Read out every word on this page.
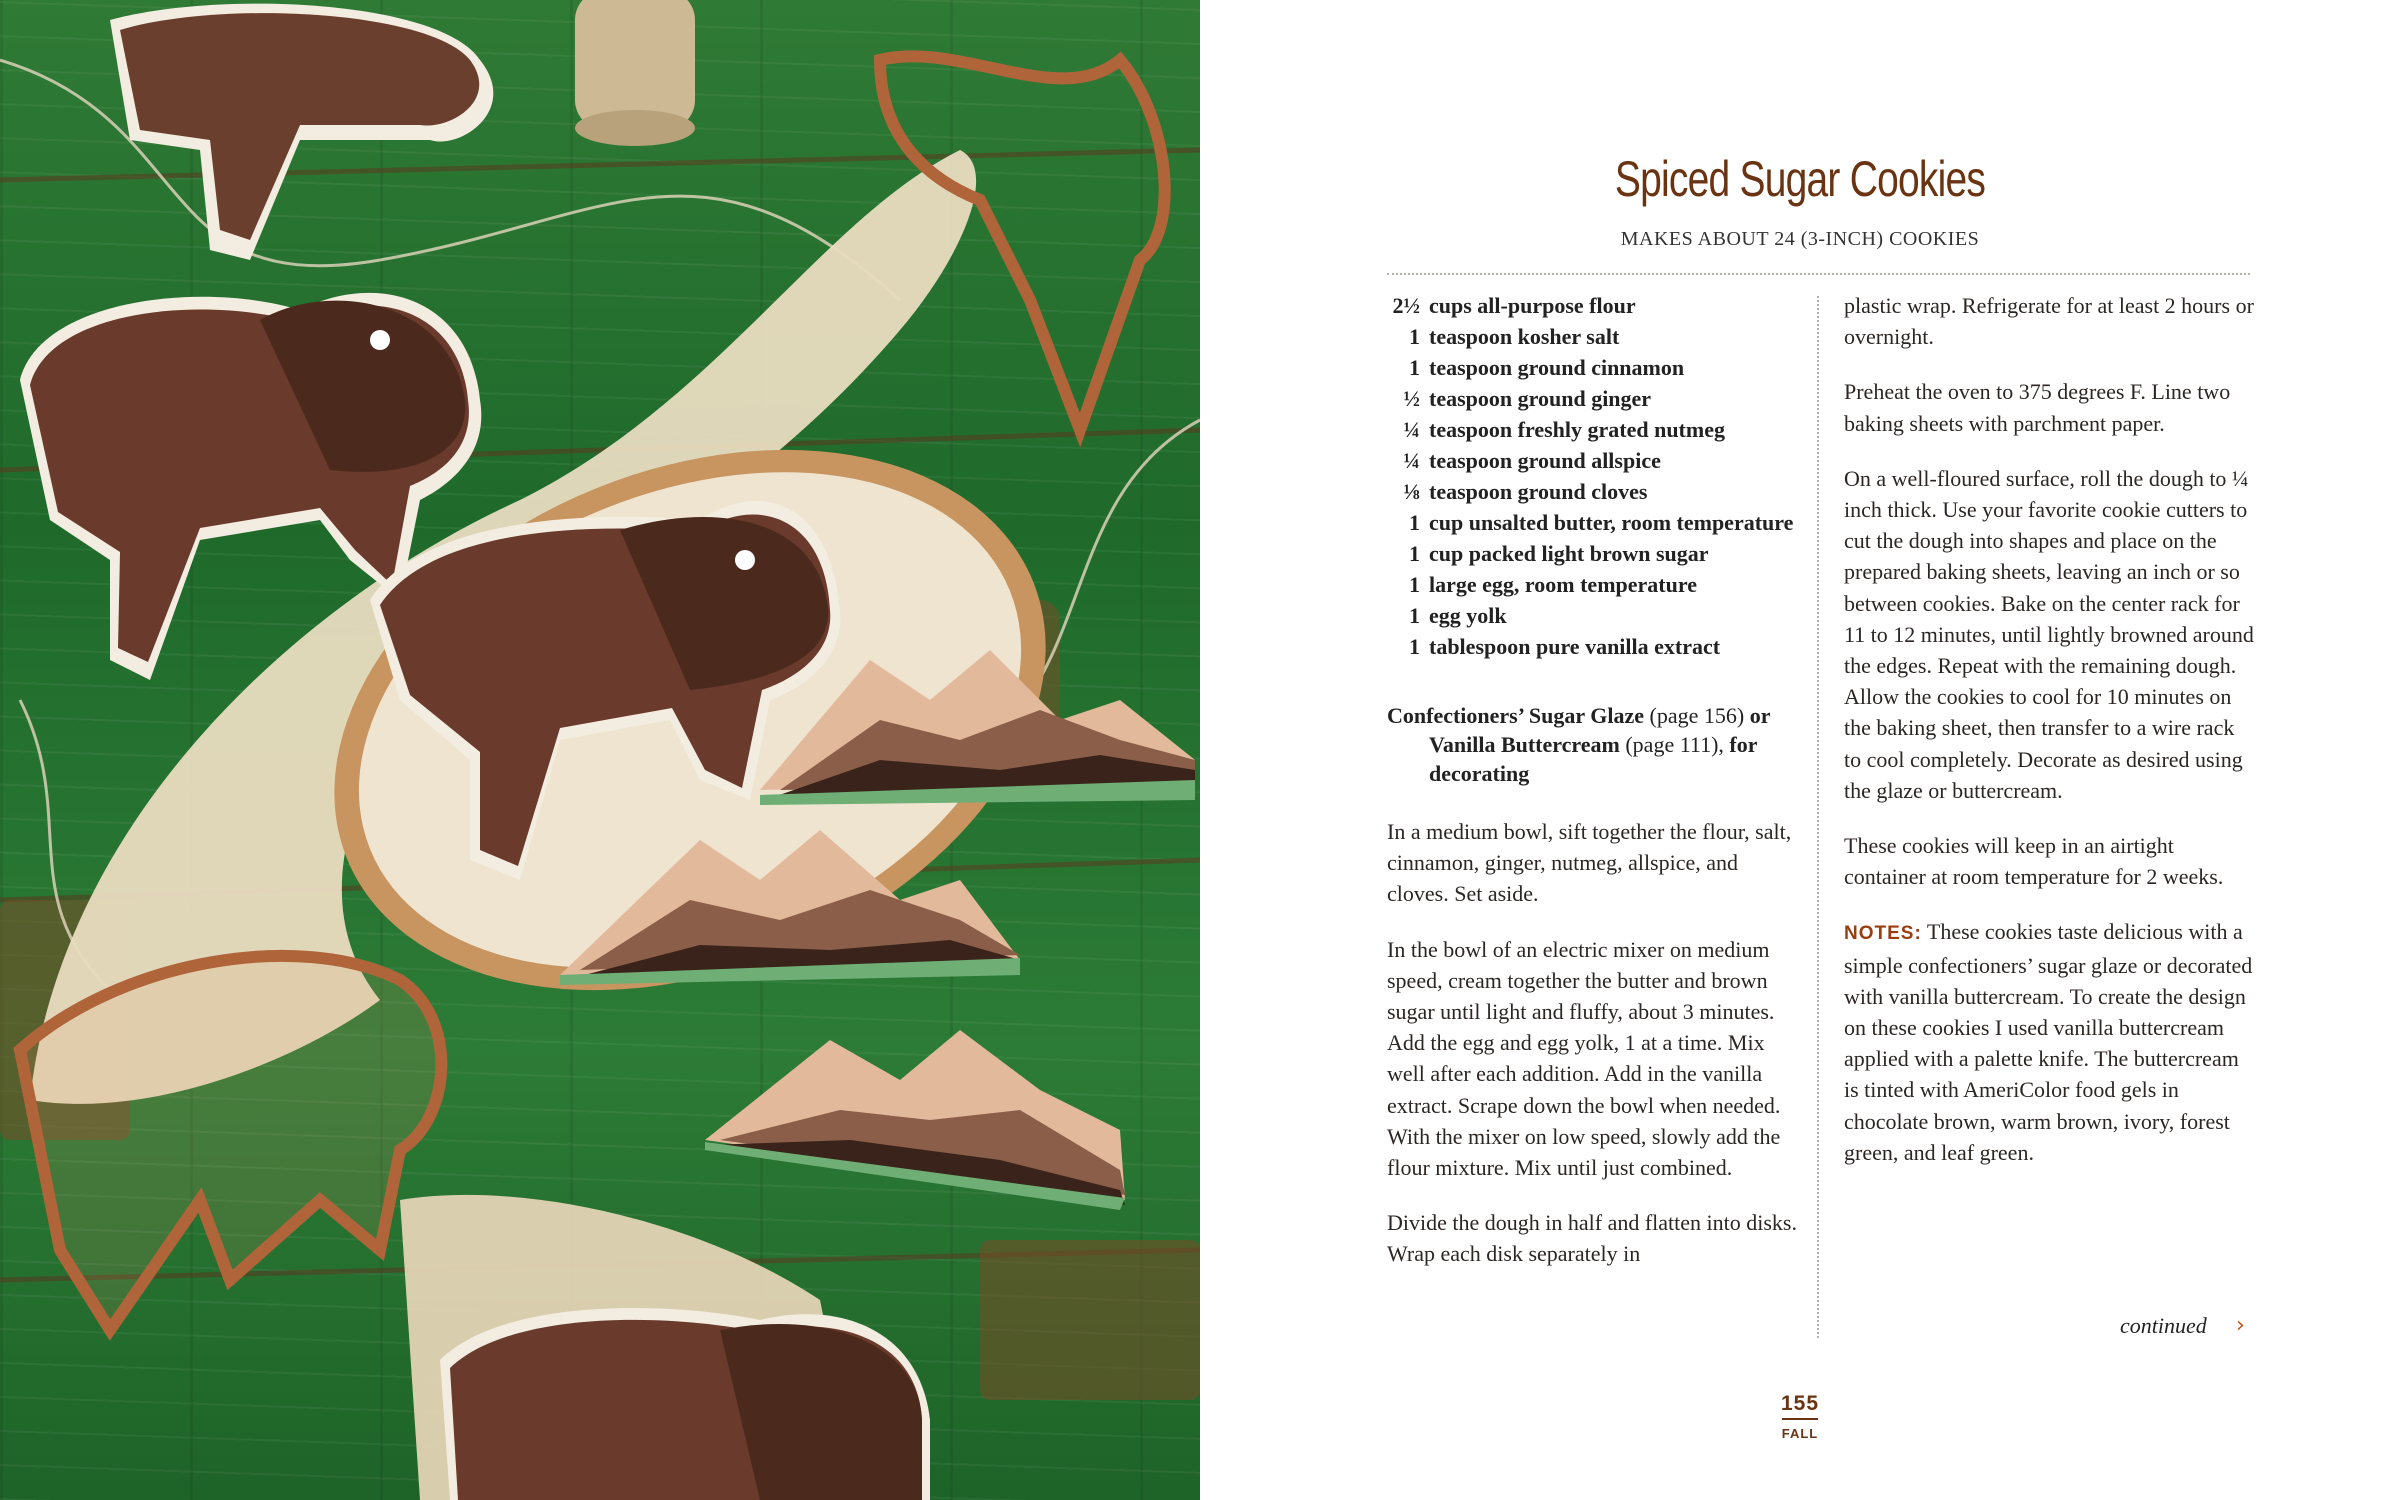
Spiced Sugar Cookies
MAKES ABOUT 24 (3-INCH) COOKIES
2½ cups all-purpose flour
1 teaspoon kosher salt
1 teaspoon ground cinnamon
½ teaspoon ground ginger
¼ teaspoon freshly grated nutmeg
¼ teaspoon ground allspice
⅛ teaspoon ground cloves
1 cup unsalted butter, room temperature
1 cup packed light brown sugar
1 large egg, room temperature
1 egg yolk
1 tablespoon pure vanilla extract

Confectioners’ Sugar Glaze (page 156) or Vanilla Buttercream (page 111), for decorating

In a medium bowl, sift together the flour, salt, cinnamon, ginger, nutmeg, allspice, and cloves. Set aside.

In the bowl of an electric mixer on medium speed, cream together the butter and brown sugar until light and fluffy, about 3 minutes. Add the egg and egg yolk, 1 at a time. Mix well after each addition. Add in the vanilla extract. Scrape down the bowl when needed. With the mixer on low speed, slowly add the flour mixture. Mix until just combined.

Divide the dough in half and flatten into disks. Wrap each disk separately in

plastic wrap. Refrigerate for at least 2 hours or overnight.

Preheat the oven to 375 degrees F. Line two baking sheets with parchment paper.

On a well-floured surface, roll the dough to ¼ inch thick. Use your favorite cookie cutters to cut the dough into shapes and place on the prepared baking sheets, leaving an inch or so between cookies. Bake on the center rack for 11 to 12 minutes, until lightly browned around the edges. Repeat with the remaining dough. Allow the cookies to cool for 10 minutes on the baking sheet, then transfer to a wire rack to cool completely. Decorate as desired using the glaze or buttercream.

These cookies will keep in an airtight container at room temperature for 2 weeks.

NOTES: These cookies taste delicious with a simple confectioners’ sugar glaze or decorated with vanilla buttercream. To create the design on these cookies I used vanilla buttercream applied with a palette knife. The buttercream is tinted with AmeriColor food gels in chocolate brown, warm brown, ivory, forest green, and leaf green.

continued ›
155
FALL
